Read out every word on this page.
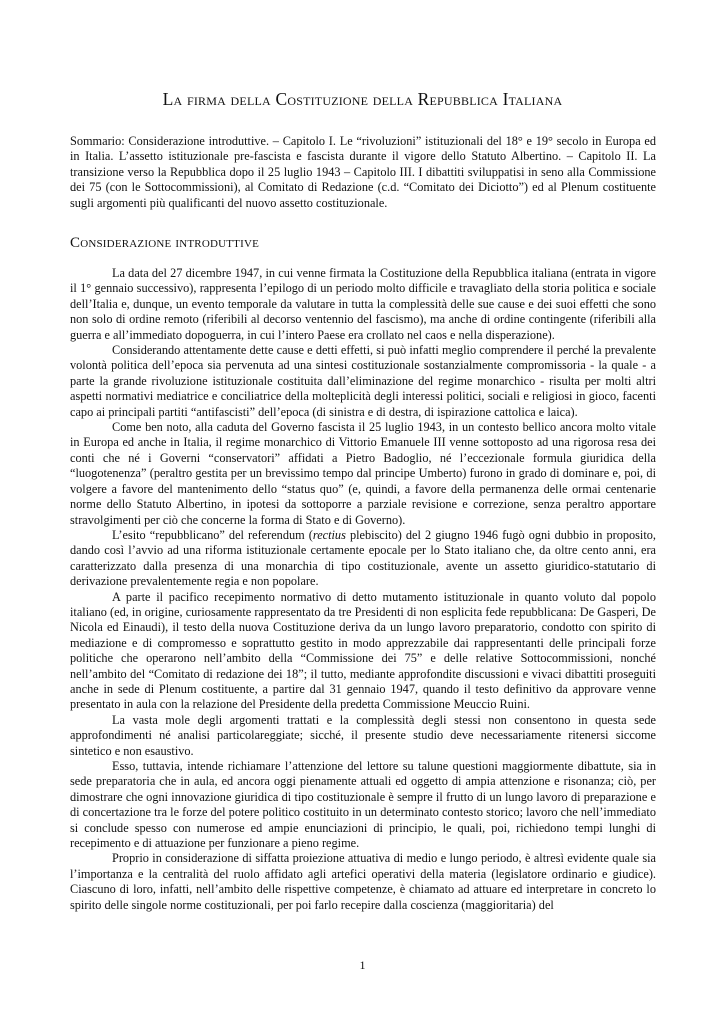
La firma della Costituzione della Repubblica Italiana
Sommario: Considerazione introduttive. – Capitolo I. Le “rivoluzioni” istituzionali del 18° e 19° secolo in Europa ed in Italia. L’assetto istituzionale pre-fascista e fascista durante il vigore dello Statuto Albertino. – Capitolo II. La transizione verso la Repubblica dopo il 25 luglio 1943 – Capitolo III. I dibattiti sviluppatisi in seno alla Commissione dei 75 (con le Sottocommissioni), al Comitato di Redazione (c.d. “Comitato dei Diciotto”) ed al Plenum costituente sugli argomenti più qualificanti del nuovo assetto costituzionale.
Considerazione introduttive

La data del 27 dicembre 1947, in cui venne firmata la Costituzione della Repubblica italiana (entrata in vigore il 1° gennaio successivo), rappresenta l’epilogo di un periodo molto difficile e travagliato della storia politica e sociale dell’Italia e, dunque, un evento temporale da valutare in tutta la complessità delle sue cause e dei suoi effetti che sono non solo di ordine remoto (riferibili al decorso ventennio del fascismo), ma anche di ordine contingente (riferibili alla guerra e all’immediato dopoguerra, in cui l’intero Paese era crollato nel caos e nella disperazione).

Considerando attentamente dette cause e detti effetti, si può infatti meglio comprendere il perché la prevalente volontà politica dell’epoca sia pervenuta ad una sintesi costituzionale sostanzialmente compromissoria - la quale - a parte la grande rivoluzione istituzionale costituita dall’eliminazione del regime monarchico - risulta per molti altri aspetti normativi mediatrice e conciliatrice della molteplicità degli interessi politici, sociali e religiosi in gioco, facenti capo ai principali partiti “antifascisti” dell’epoca (di sinistra e di destra, di ispirazione cattolica e laica).

Come ben noto, alla caduta del Governo fascista il 25 luglio 1943, in un contesto bellico ancora molto vitale in Europa ed anche in Italia, il regime monarchico di Vittorio Emanuele III venne sottoposto ad una rigorosa resa dei conti che né i Governi “conservatori” affidati a Pietro Badoglio, né l’eccezionale formula giuridica della “luogotenenza” (peraltro gestita per un brevissimo tempo dal principe Umberto) furono in grado di dominare e, poi, di volgere a favore del mantenimento dello “status quo” (e, quindi, a favore della permanenza delle ormai centenarie norme dello Statuto Albertino, in ipotesi da sottoporre a parziale revisione e correzione, senza peraltro apportare stravolgimenti per ciò che concerne la forma di Stato e di Governo).

L’esito “repubblicano” del referendum (rectius plebiscito) del 2 giugno 1946 fugò ogni dubbio in proposito, dando così l’avvio ad una riforma istituzionale certamente epocale per lo Stato italiano che, da oltre cento anni, era caratterizzato dalla presenza di una monarchia di tipo costituzionale, avente un assetto giuridico-statutario di derivazione prevalentemente regia e non popolare.

A parte il pacifico recepimento normativo di detto mutamento istituzionale in quanto voluto dal popolo italiano (ed, in origine, curiosamente rappresentato da tre Presidenti di non esplicita fede repubblicana: De Gasperi, De Nicola ed Einaudi), il testo della nuova Costituzione deriva da un lungo lavoro preparatorio, condotto con spirito di mediazione e di compromesso e soprattutto gestito in modo apprezzabile dai rappresentanti delle principali forze politiche che operarono nell’ambito della “Commissione dei 75” e delle relative Sottocommissioni, nonché nell’ambito del “Comitato di redazione dei 18”; il tutto, mediante approfondite discussioni e vivaci dibattiti proseguiti anche in sede di Plenum costituente, a partire dal 31 gennaio 1947, quando il testo definitivo da approvare venne presentato in aula con la relazione del Presidente della predetta Commissione Meuccio Ruini.

La vasta mole degli argomenti trattati e la complessità degli stessi non consentono in questa sede approfondimenti né analisi particolareggiate; sicché, il presente studio deve necessariamente ritenersi siccome sintetico e non esaustivo.

Esso, tuttavia, intende richiamare l’attenzione del lettore su talune questioni maggiormente dibattute, sia in sede preparatoria che in aula, ed ancora oggi pienamente attuali ed oggetto di ampia attenzione e risonanza; ciò, per dimostrare che ogni innovazione giuridica di tipo costituzionale è sempre il frutto di un lungo lavoro di preparazione e di concertazione tra le forze del potere politico costituito in un determinato contesto storico; lavoro che nell’immediato si conclude spesso con numerose ed ampie enunciazioni di principio, le quali, poi, richiedono tempi lunghi di recepimento e di attuazione per funzionare a pieno regime.

Proprio in considerazione di siffatta proiezione attuativa di medio e lungo periodo, è altresì evidente quale sia l’importanza e la centralità del ruolo affidato agli artefici operativi della materia (legislatore ordinario e giudice). Ciascuno di loro, infatti, nell’ambito delle rispettive competenze, è chiamato ad attuare ed interpretare in concreto lo spirito delle singole norme costituzionali, per poi farlo recepire dalla coscienza (maggioritaria) del

1
